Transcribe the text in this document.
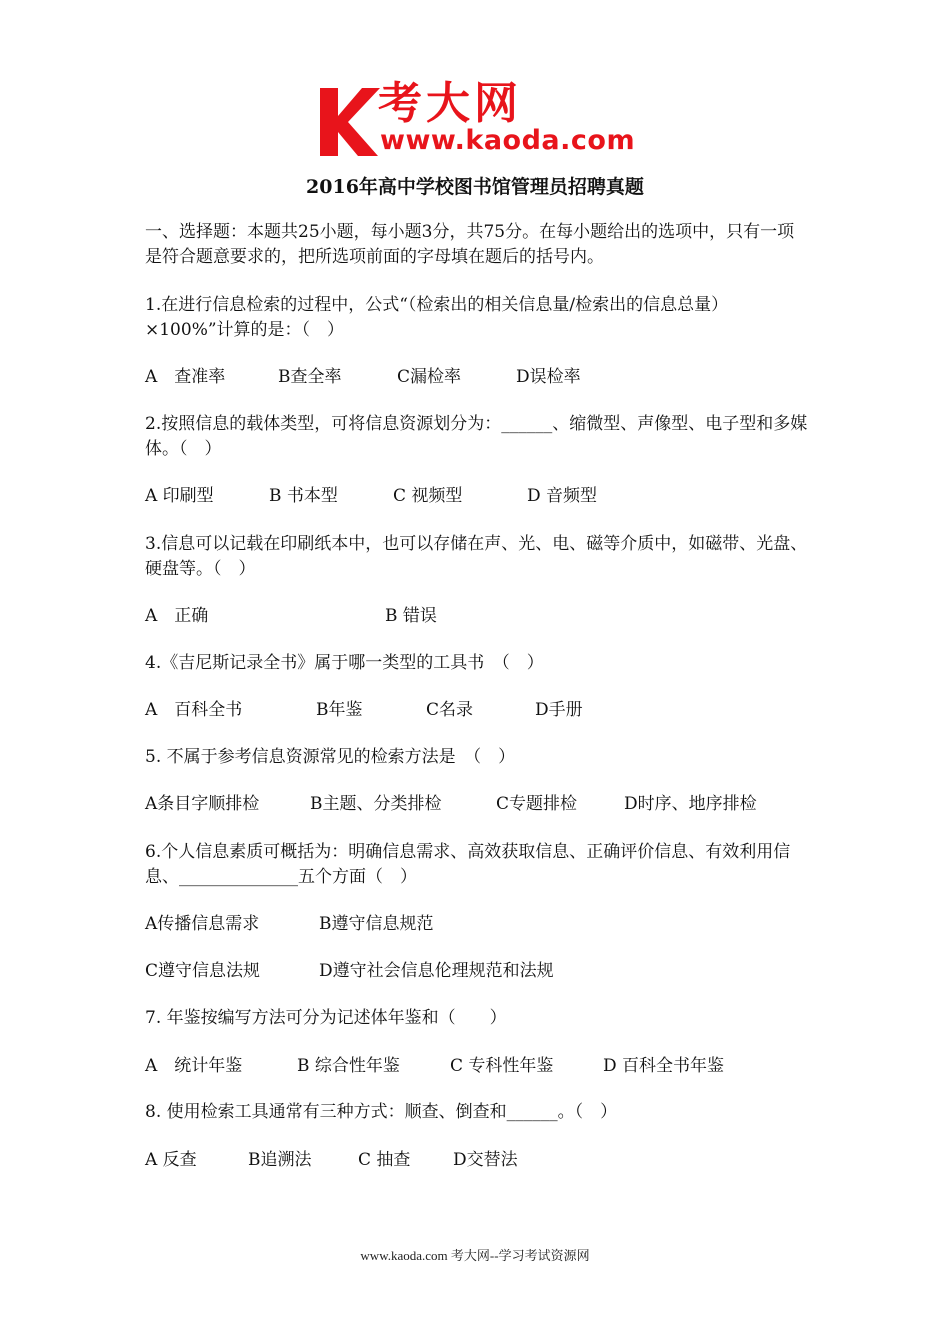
考大网
www.kaoda.com
2016年高中学校图书馆管理员招聘真题

一、选择题：本题共25小题，每小题3分，共75分。在每小题给出的选项中，只有一项是符合题意要求的，把所选项前面的字母填在题后的括号内。

1.在进行信息检索的过程中，公式“（检索出的相关信息量/检索出的信息总量）×100%”计算的是：（　）

A　查准率	B查全率	C漏检率	D误检率

2.按照信息的载体类型，可将信息资源划分为：______、缩微型、声像型、电子型和多媒体。（　）

A 印刷型	B 书本型	C 视频型	D 音频型

3.信息可以记载在印刷纸本中，也可以存储在声、光、电、磁等介质中，如磁带、光盘、硬盘等。（　）

A　正确	B 错误

4.《吉尼斯记录全书》属于哪一类型的工具书　（　）

A　百科全书	B年鉴	C名录	D手册

5. 不属于参考信息资源常见的检索方法是　（　）

A条目字顺排检	B主题、分类排检	C专题排检	D时序、地序排检

6.个人信息素质可概括为：明确信息需求、高效获取信息、正确评价信息、有效利用信息、______________五个方面（　）

A传播信息需求	B遵守信息规范
C遵守信息法规	D遵守社会信息伦理规范和法规

7. 年鉴按编写方法可分为记述体年鉴和（　　）

A　统计年鉴	B 综合性年鉴	C 专科性年鉴	D 百科全书年鉴

8. 使用检索工具通常有三种方式：顺查、倒查和______。（　）

A 反查	B追溯法	C 抽查	D交替法
www.kaoda.com 考大网--学习考试资源网
